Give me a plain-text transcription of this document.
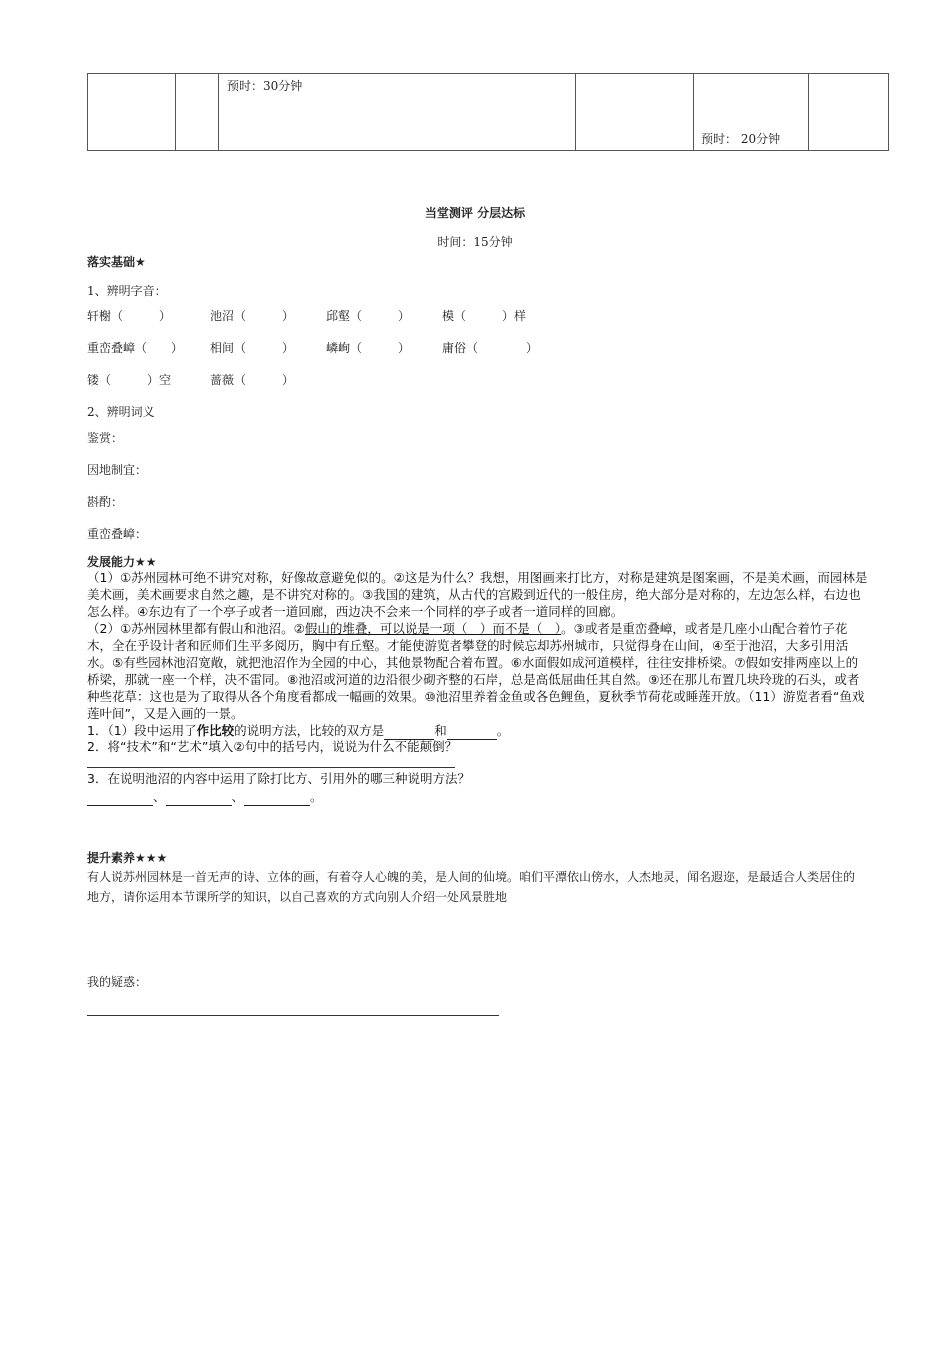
		预时：30分钟		预时： 20分钟	
当堂测评 分层达标
时间：15分钟
落实基础★
1、辨明字音：
轩榭（　　　）	池沼（　　　）	邱壑（　　　）	模（　　　）样
重峦叠嶂（　　） 相间（　　　）	嶙峋（　　　）	庸俗（　　　　）
镂（　　　）空	蔷薇（　　　）
2、辨明词义
鉴赏：
因地制宜：
斟酌：
重峦叠嶂：
发展能力★★
（1）①苏州园林可绝不讲究对称，好像故意避免似的。②这是为什么？我想，用图画来打比方，对称是建筑是图案画，不是美术画，而园林是美术画，美术画要求自然之趣，是不讲究对称的。③我国的建筑，从古代的宫殿到近代的一般住房，绝大部分是对称的，左边怎么样，右边也怎么样。④东边有了一个亭子或者一道回廊，西边决不会来一个同样的亭子或者一道同样的回廊。
（2）①苏州园林里都有假山和池沼。②假山的堆叠，可以说是一项（　）而不是（　）。③或者是重峦叠嶂，或者是几座小山配合着竹子花木，全在乎设计者和匠师们生平多阅历，胸中有丘壑。才能使游览者攀登的时候忘却苏州城市，只觉得身在山间，④至于池沼，大多引用活水。⑤有些园林池沼宽敞，就把池沼作为全园的中心，其他景物配合着布置。⑥水面假如成河道模样，往往安排桥梁。⑦假如安排两座以上的桥梁，那就一座一个样，决不雷同。⑧池沼或河道的边沿很少砌齐整的石岸，总是高低屈曲任其自然。⑨还在那儿布置几块玲珑的石头，或者种些花草：这也是为了取得从各个角度看都成一幅画的效果。⑩池沼里养着金鱼或各色鲤鱼，夏秋季节荷花或睡莲开放。（11）游览者看“鱼戏莲叶间”，又是入画的一景。
1．（1）段中运用了作比较的说明方法，比较的双方是	和	。
2．将“技术”和“艺术”填入②句中的括号内，说说为什么不能颠倒？
3．在说明池沼的内容中运用了除打比方、引用外的哪三种说明方法？
、	、	。
提升素养★★★
有人说苏州园林是一首无声的诗、立体的画，有着夺人心魄的美，是人间的仙境。咱们平潭依山傍水，人杰地灵，闻名遐迩，是最适合人类居住的地方，请你运用本节课所学的知识，以自己喜欢的方式向别人介绍一处风景胜地
我的疑惑：
